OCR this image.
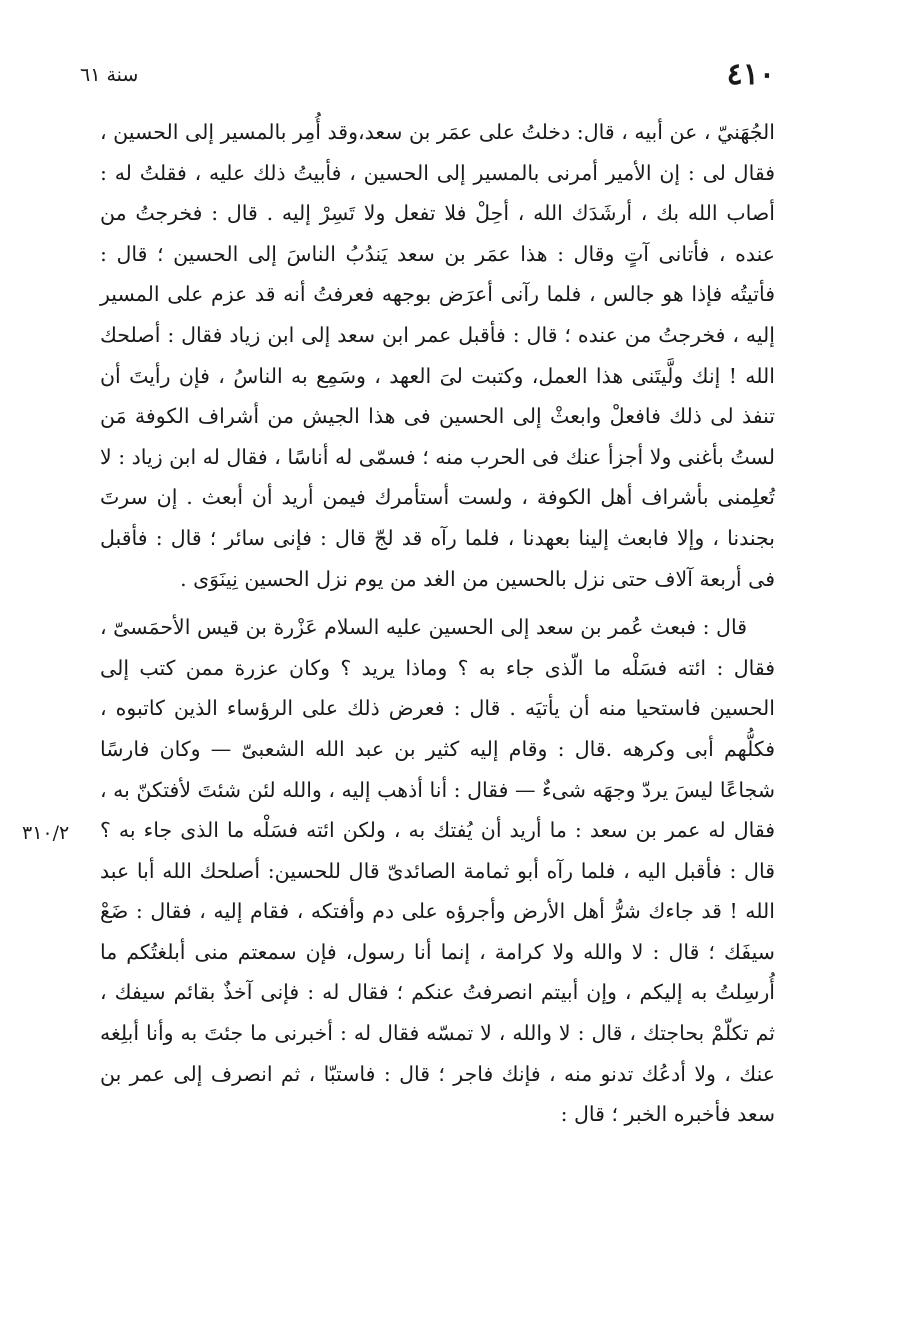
٤١٠
سنة ٦١
٣١٠/٢

الجُهَنيّ ، عن أبيه ، قال: دخلتُ على عمَر بن سعد،وقد أُمِر بالمسير إلى الحسين ، فقال لى : إن الأمير أمرنى بالمسير إلى الحسين ، فأبيتُ ذلك عليه ، فقلتُ له : أصاب الله بك ، أرشَدَك الله ، أحِلْ فلا تفعل ولا تَسِرْ إليه . قال : فخرجتُ من عنده ، فأتانى آتٍ وقال : هذا عمَر بن سعد يَندُبُ الناسَ إلى الحسين ؛ قال : فأتيتُه فإذا هو جالس ، فلما رآنى أعرَض بوجهه فعرفتُ أنه قد عزم على المسير إليه ، فخرجتُ من عنده ؛ قال : فأقبل عمر ابن سعد إلى ابن زياد فقال : أصلحك الله ! إنك ولَّيتَنى هذا العمل، وكتبت لىَ العهد ، وسَمِع به الناسُ ، فإن رأيتَ أن تنفذ لى ذلك فافعلْ وابعثْ إلى الحسين فى هذا الجيش من أشراف الكوفة مَن لستُ بأغنى ولا أجزأ عنك فى الحرب منه ؛ فسمّى له أناسًا ، فقال له ابن زياد : لا تُعلِمنى بأشراف أهل الكوفة ، ولست أستأمرك فيمن أريد أن أبعث . إن سرتَ بجندنا ، وإلا فابعث إلينا بعهدنا ، فلما رآه قد لجّ قال : فإنى سائر ؛ قال : فأقبل فى أربعة آلاف حتى نزل بالحسين من الغد من يوم نزل الحسين نِينَوَى .

قال : فبعث عُمر بن سعد إلى الحسين عليه السلام عَزْرة بن قيس الأحمَسىّ ، فقال : ائته فسَلْه ما الّذى جاء به ؟ وماذا يريد ؟ وكان عزرة ممن كتب إلى الحسين فاستحيا منه أن يأتيَه . قال : فعرض ذلك على الرؤساء الذين كاتبوه ، فكلُّهم أبى وكرهه .قال : وقام إليه كثير بن عبد الله الشعبىّ — وكان فارسًا شجاعًا ليسَ يردّ وجهَه شىءٌ — فقال : أنا أذهب إليه ، والله لئن شئتَ لأفتكنّ به ، فقال له عمر بن سعد : ما أريد أن يُفتك به ، ولكن ائته فسَلْه ما الذى جاء به ؟ قال : فأقبل اليه ، فلما رآه أبو ثمامة الصائدىّ قال للحسين: أصلحك الله أبا عبد الله ! قد جاءك شرُّ أهل الأرض وأجرؤه على دم وأفتكه ، فقام إليه ، فقال : ضَعْ سيفَك ؛ قال : لا والله ولا كرامة ، إنما أنا رسول، فإن سمعتم منى أبلغتُكم ما أُرسِلتُ به إليكم ، وإن أبيتم انصرفتُ عنكم ؛ فقال له : فإنى آخذٌ بقائم سيفك ، ثم تكلّمْ بحاجتك ، قال : لا والله ، لا تمسّه فقال له : أخبرنى ما جئتَ به وأنا أبلِغه عنك ، ولا أدعُك تدنو منه ، فإنك فاجر ؛ قال : فاستبّا ، ثم انصرف إلى عمر بن سعد فأخبره الخبر ؛ قال :
